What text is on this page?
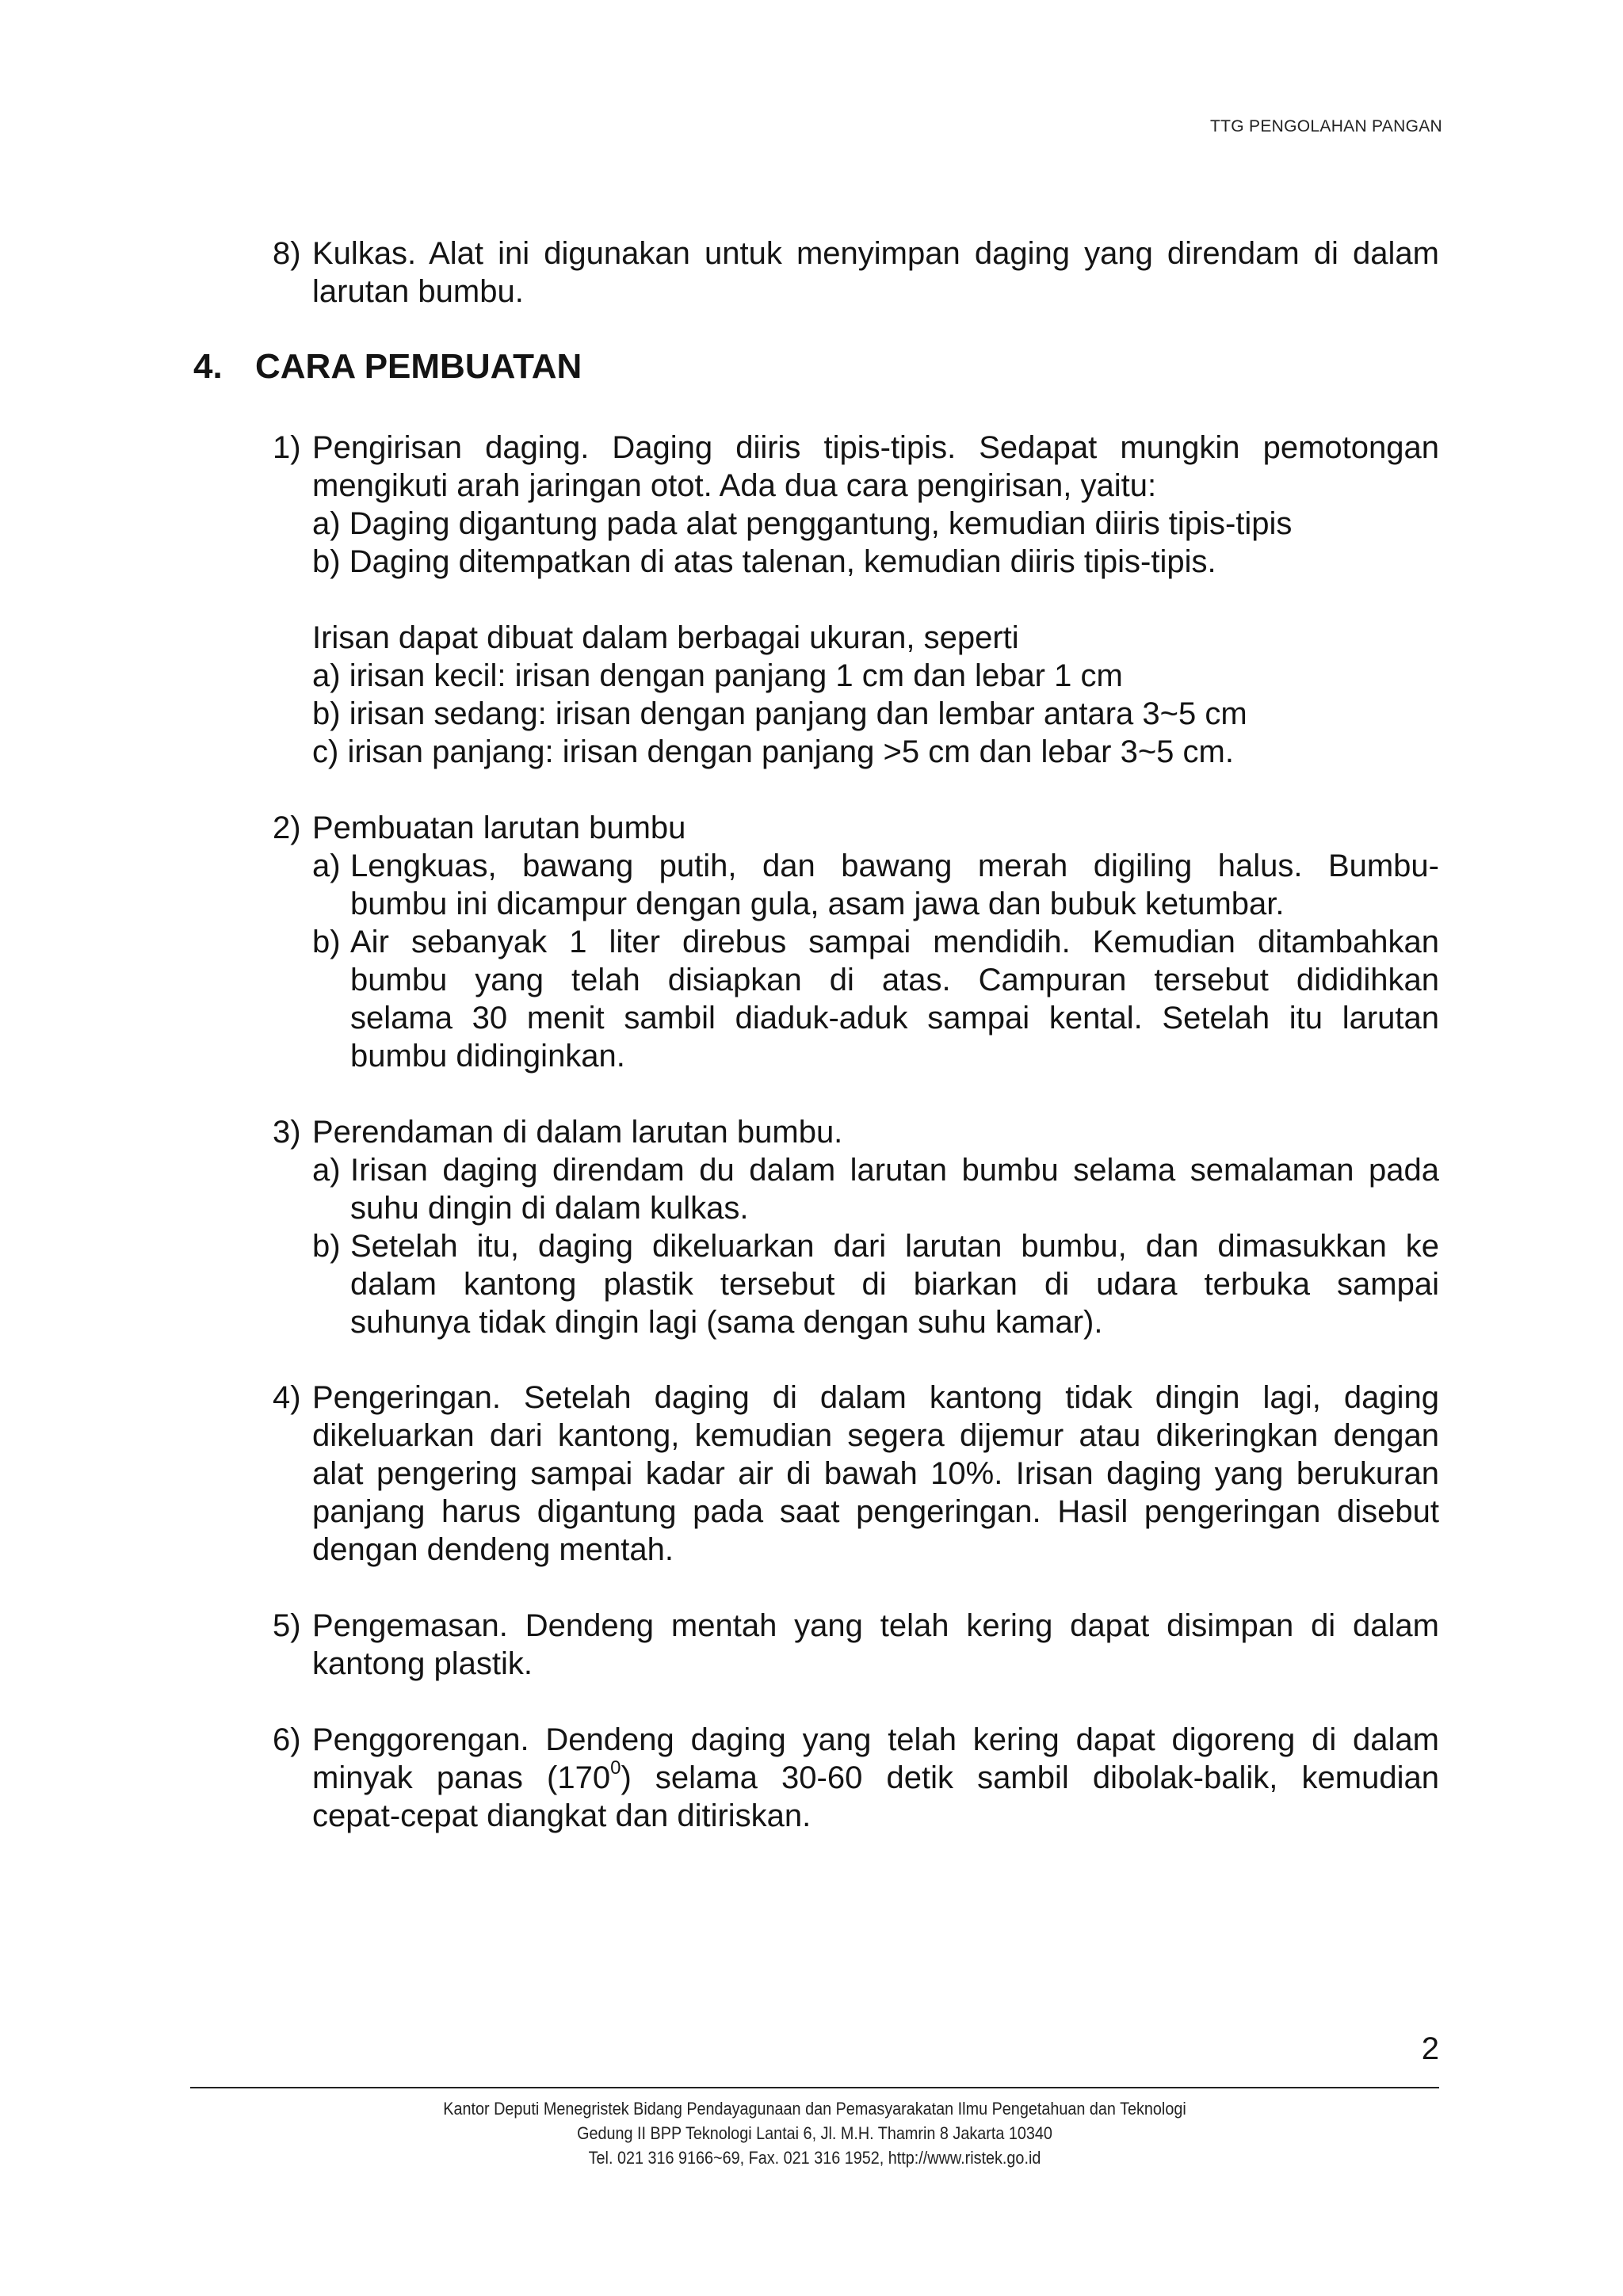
TTG PENGOLAHAN PANGAN
8) Kulkas. Alat ini digunakan untuk menyimpan daging yang direndam di dalam
larutan bumbu.
4. CARA PEMBUATAN
1) Pengirisan daging. Daging diiris tipis-tipis. Sedapat mungkin pemotongan
mengikuti arah jaringan otot. Ada dua cara pengirisan, yaitu:
a) Daging digantung pada alat penggantung, kemudian diiris tipis-tipis
b) Daging ditempatkan di atas talenan, kemudian diiris tipis-tipis.
Irisan dapat dibuat dalam berbagai ukuran, seperti
a) irisan kecil: irisan dengan panjang 1 cm dan lebar 1 cm
b) irisan sedang: irisan dengan panjang dan lembar antara 3~5 cm
c) irisan panjang: irisan dengan panjang >5 cm dan lebar 3~5 cm.
2) Pembuatan larutan bumbu
a) Lengkuas, bawang putih, dan bawang merah digiling halus. Bumbu-
bumbu ini dicampur dengan gula, asam jawa dan bubuk ketumbar.
b) Air sebanyak 1 liter direbus sampai mendidih. Kemudian ditambahkan
bumbu yang telah disiapkan di atas. Campuran tersebut dididihkan
selama 30 menit sambil diaduk-aduk sampai kental. Setelah itu larutan
bumbu didinginkan.
3) Perendaman di dalam larutan bumbu.
a) Irisan daging direndam du dalam larutan bumbu selama semalaman pada
suhu dingin di dalam kulkas.
b) Setelah itu, daging dikeluarkan dari larutan bumbu, dan dimasukkan ke
dalam kantong plastik tersebut di biarkan di udara terbuka sampai
suhunya tidak dingin lagi (sama dengan suhu kamar).
4) Pengeringan. Setelah daging di dalam kantong tidak dingin lagi, daging
dikeluarkan dari kantong, kemudian segera dijemur atau dikeringkan dengan
alat pengering sampai kadar air di bawah 10%. Irisan daging yang berukuran
panjang harus digantung pada saat pengeringan. Hasil pengeringan disebut
dengan dendeng mentah.
5) Pengemasan. Dendeng mentah yang telah kering dapat disimpan di dalam
kantong plastik.
6) Penggorengan. Dendeng daging yang telah kering dapat digoreng di dalam
minyak panas $(170^0)$ selama 30-60 detik sambil dibolak-balik, kemudian
cepat-cepat diangkat dan ditiriskan.
2
Kantor Deputi Menegristek Bidang Pendayagunaan dan Pemasyarakatan Ilmu Pengetahuan dan Teknologi
Gedung II BPP Teknologi Lantai 6, Jl. M.H. Thamrin 8 Jakarta 10340
Tel. 021 316 9166~69, Fax. 021 316 1952, http://www.ristek.go.id
